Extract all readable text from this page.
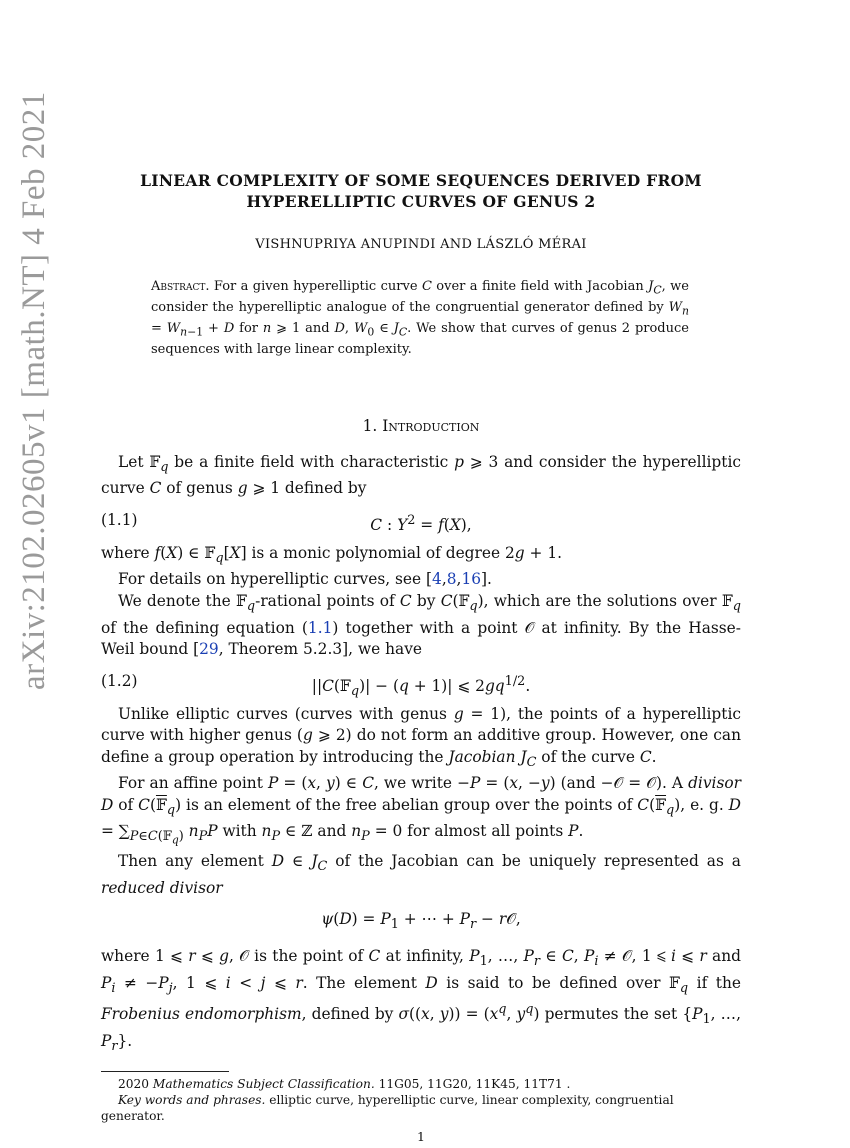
arXiv:2102.02605v1 [math.NT] 4 Feb 2021	LINEAR COMPLEXITY OF SOME SEQUENCES DERIVED FROM
HYPERELLIPTIC CURVES OF GENUS 2
VISHNUPRIYA ANUPINDI AND LÁSZLÓ MÉRAI
Abstract. For a given hyperelliptic curve C over a finite field with Jacobian $J_C$, we consider the hyperelliptic analogue of the congruential generator defined by $W_n = W_{n-1} + D$ for n ⩾ 1 and D, $W_0$ ∈ $J_C$. We show that curves of genus 2 produce sequences with large linear complexity.
1. Introduction

Let 𝔽$_q$ be a finite field with characteristic p ⩾ 3 and consider the hyperelliptic curve C of genus g ⩾ 1 defined by

(1.1)	C : $Y^2 = f(X)$,

where f(X) ∈ 𝔽$_q$[X] is a monic polynomial of degree 2g + 1.

For details on hyperelliptic curves, see [4,8,16].

We denote the 𝔽$_q$-rational points of C by C(𝔽$_q$), which are the solutions over 𝔽$_q$ of the defining equation (1.1) together with a point 𝒪 at infinity. By the Hasse-Weil bound [29, Theorem 5.2.3], we have

(1.2)	||C(𝔽$_q$)| − (q + 1)| ⩽ $2gq^{1/2}$.

Unlike elliptic curves (curves with genus g = 1), the points of a hyperelliptic curve with higher genus (g ⩾ 2) do not form an additive group. However, one can define a group operation by introducing the Jacobian $J_C$ of the curve C.

For an affine point P = (x, y) ∈ C, we write −P = (x, −y) (and −𝒪 = 𝒪). A divisor D of C(𝔽$_q$) is an element of the free abelian group over the points of C(𝔽$_q$), e. g. $D = \sum_{P\in C(𝔽_q)}$ $n_PP$ with $n_P$ ∈ ℤ and $n_P = 0$ for almost all points P.

Then any element D ∈ $J_C$ of the Jacobian can be uniquely represented as a reduced divisor

$\psi(D) = P_1$ + ⋯ + $P_r$ − r𝒪,

where 1 ⩽ r ⩽ g, 𝒪 is the point of C at infinity, $P_1$, …, $P_r$ ∈ C, $P_i$ ≠ 𝒪, 1 ⩽ i ⩽ r and $P_i \ne -P_j$, 1 ⩽ i < j ⩽ r. The element D is said to be defined over 𝔽$_q$ if the Frobenius endomorphism, defined by σ((x, $y)) = (x^q$, $y^q$) permutes the set {$P_1$, …, $P_r$}.

2020 Mathematics Subject Classification. 11G05, 11G20, 11K45, 11T71 .
Key words and phrases. elliptic curve, hyperelliptic curve, linear complexity, congruential generator.
1
